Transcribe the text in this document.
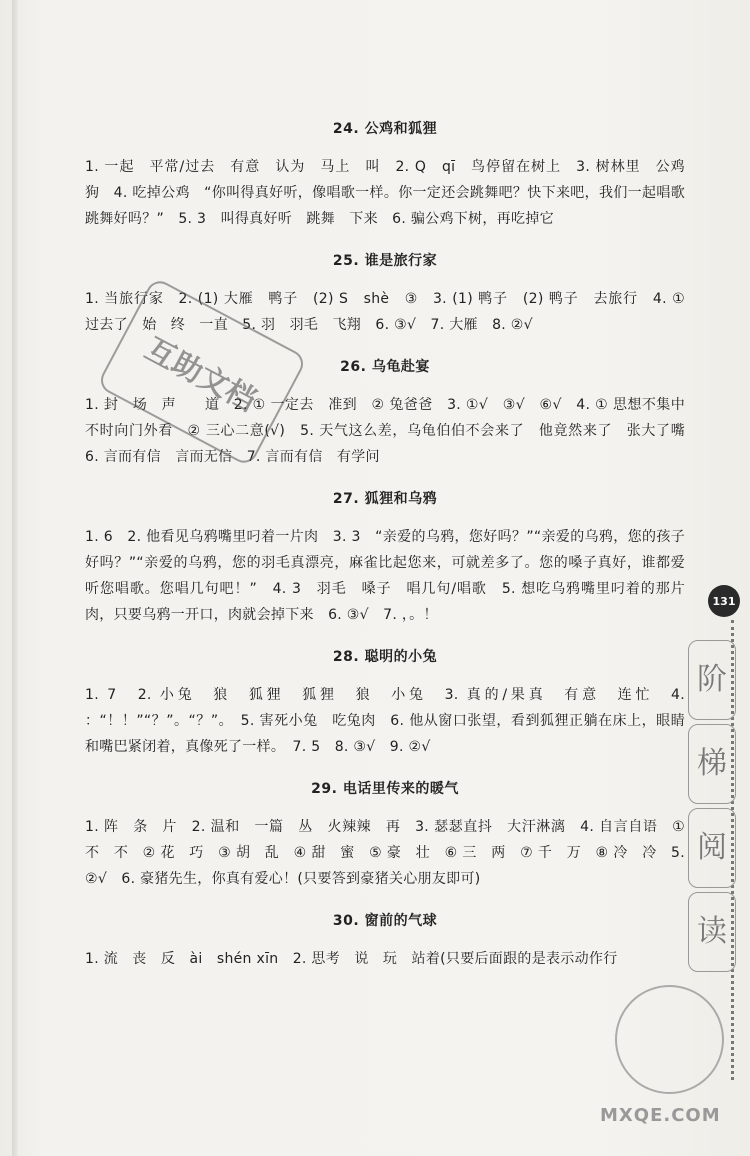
24. 公鸡和狐狸
1. 一起　平常/过去　有意　认为　马上　叫　2. Q　qī　鸟停留在树上　3. 树林里　公鸡　狗　4. 吃掉公鸡　“你叫得真好听，像唱歌一样。你一定还会跳舞吧？快下来吧，我们一起唱歌跳舞好吗？”　5. 3　叫得真好听　跳舞　下来　6. 骗公鸡下树，再吃掉它
25. 谁是旅行家
1. 当旅行家　2. (1) 大雁　鸭子　(2) S　shè　③　3. (1) 鸭子　(2) 鸭子　去旅行　4. ①　　过去了　始　终　一直　5. 羽　羽毛　飞翔　6. ③√　7. 大雁　8. ②√
26. 乌龟赴宴
1. 封　场　声　　道　2. ① 一定去　准到　② 兔爸爸　3. ①√　③√　⑥√　4. ① 思想不集中　不时向门外看　② 三心二意(√)　5. 天气这么差，乌龟伯伯不会来了　他竟然来了　张大了嘴　6. 言而有信　言而无信　7. 言而有信　有学问
27. 狐狸和乌鸦
1. 6　2. 他看见乌鸦嘴里叼着一片肉　3. 3　“亲爱的乌鸦，您好吗？”“亲爱的乌鸦，您的孩子好吗？”“亲爱的乌鸦，您的羽毛真漂亮，麻雀比起您来，可就差多了。您的嗓子真好，谁都爱听您唱歌。您唱几句吧！”　4. 3　羽毛　嗓子　唱几句/唱歌　5. 想吃乌鸦嘴里叼着的那片肉，只要乌鸦一开口，肉就会掉下来　6. ③√　7. ，。！
28. 聪明的小兔
1. 7　2. 小兔　狼　狐狸　狐狸　狼　小兔　3. 真的/果真　有意　连忙　4. ：“！！”“？”。“？”。　5. 害死小兔　吃兔肉　6. 他从窗口张望，看到狐狸正躺在床上，眼睛和嘴巴紧闭着，真像死了一样。　7. 5　8. ③√　9. ②√
29. 电话里传来的暖气
1. 阵　条　片　2. 温和　一篇　丛　火辣辣　再　3. 瑟瑟直抖　大汗淋漓　4. 自言自语　① 不　不　② 花　巧　③ 胡　乱　④ 甜　蜜　⑤ 豪　壮　⑥ 三　两　⑦ 千　万　⑧ 冷　冷　5. ②√　6. 豪猪先生，你真有爱心！(只要答到豪猪关心朋友即可)
30. 窗前的气球
1. 流　丧　反　ài　shén xīn　2. 思考　说　玩　站着(只要后面跟的是表示动作行
互助文档
131
阶
梯
阅
读
MXQE.COM
